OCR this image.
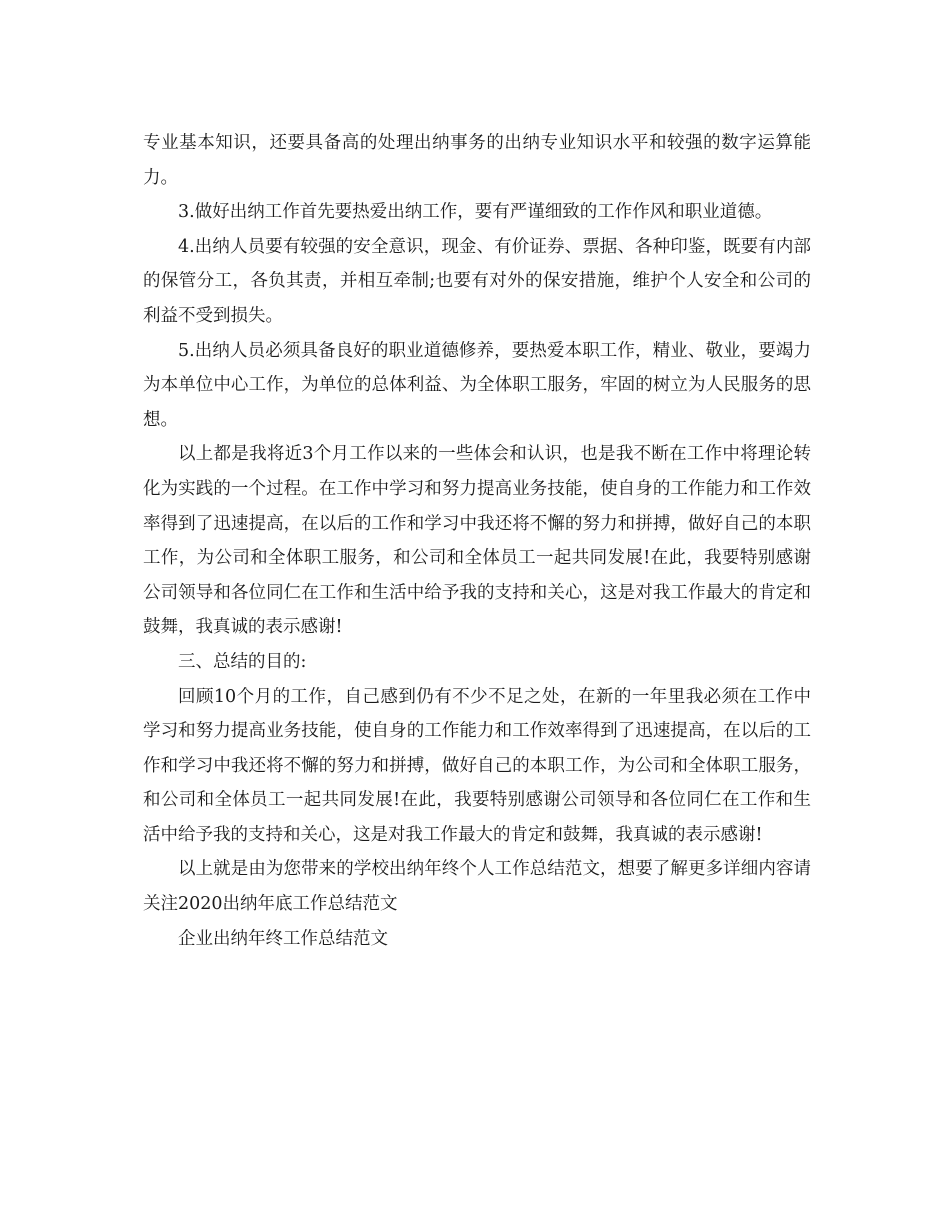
专业基本知识，还要具备高的处理出纳事务的出纳专业知识水平和较强的数字运算能力。

3.做好出纳工作首先要热爱出纳工作，要有严谨细致的工作作风和职业道德。

4.出纳人员要有较强的安全意识，现金、有价证券、票据、各种印鉴，既要有内部的保管分工，各负其责，并相互牵制;也要有对外的保安措施，维护个人安全和公司的利益不受到损失。

5.出纳人员必须具备良好的职业道德修养，要热爱本职工作，精业、敬业，要竭力为本单位中心工作，为单位的总体利益、为全体职工服务，牢固的树立为人民服务的思想。

以上都是我将近3个月工作以来的一些体会和认识，也是我不断在工作中将理论转化为实践的一个过程。在工作中学习和努力提高业务技能，使自身的工作能力和工作效率得到了迅速提高，在以后的工作和学习中我还将不懈的努力和拼搏，做好自己的本职工作，为公司和全体职工服务，和公司和全体员工一起共同发展!在此，我要特别感谢公司领导和各位同仁在工作和生活中给予我的支持和关心，这是对我工作最大的肯定和鼓舞，我真诚的表示感谢!

三、总结的目的:

回顾10个月的工作，自己感到仍有不少不足之处，在新的一年里我必须在工作中学习和努力提高业务技能，使自身的工作能力和工作效率得到了迅速提高，在以后的工作和学习中我还将不懈的努力和拼搏，做好自己的本职工作，为公司和全体职工服务，和公司和全体员工一起共同发展!在此，我要特别感谢公司领导和各位同仁在工作和生活中给予我的支持和关心，这是对我工作最大的肯定和鼓舞，我真诚的表示感谢!

以上就是由为您带来的学校出纳年终个人工作总结范文，想要了解更多详细内容请关注2020出纳年底工作总结范文

企业出纳年终工作总结范文
